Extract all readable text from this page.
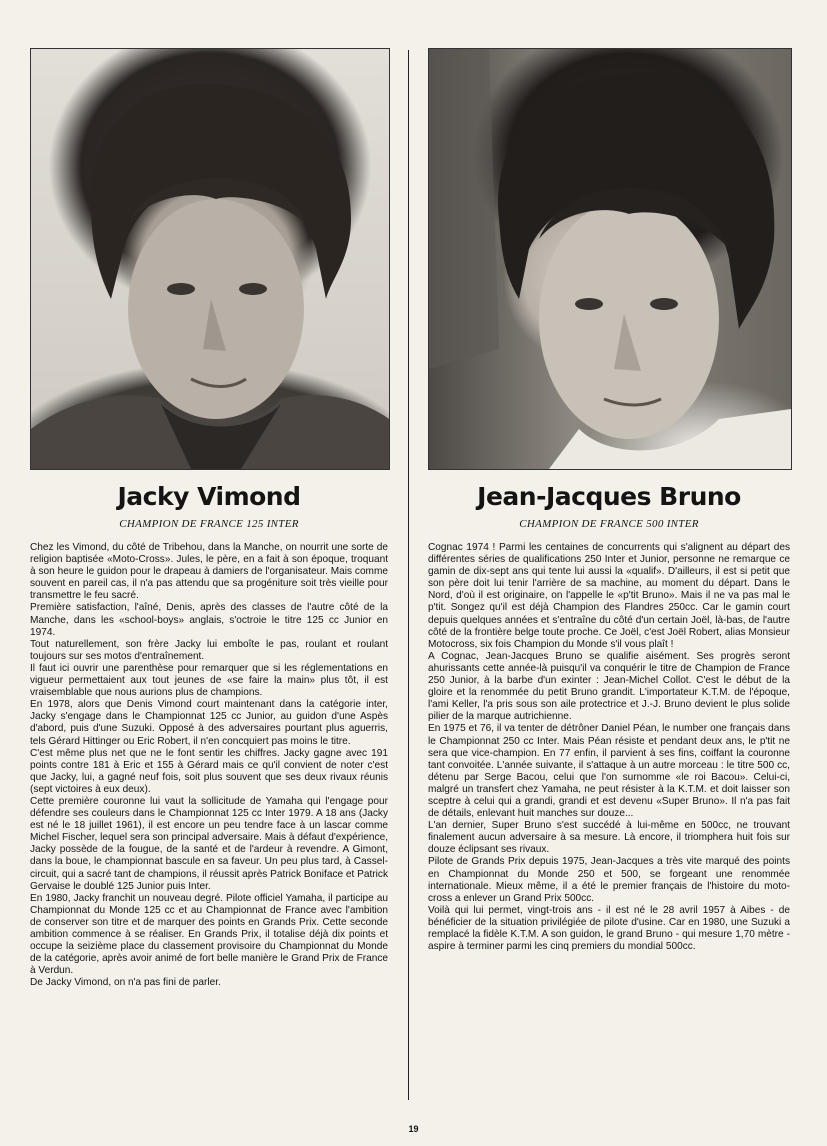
Jacky Vimond
CHAMPION DE FRANCE 125 INTER

Chez les Vimond, du côté de Tribehou, dans la Manche, on nourrit une sorte de religion baptisée «Moto-Cross». Jules, le père, en a fait à son époque, troquant à son heure le guidon pour le drapeau à damiers de l'organisateur. Mais comme souvent en pareil cas, il n'a pas attendu que sa progéniture soit très vieille pour transmettre le feu sacré.

Première satisfaction, l'aîné, Denis, après des classes de l'autre côté de la Manche, dans les «school-boys» anglais, s'octroie le titre 125 cc Junior en 1974.

Tout naturellement, son frère Jacky lui emboîte le pas, roulant et roulant toujours sur ses motos d'entraînement.

Il faut ici ouvrir une parenthèse pour remarquer que si les réglementations en vigueur permettaient aux tout jeunes de «se faire la main» plus tôt, il est vraisemblable que nous aurions plus de champions.

En 1978, alors que Denis Vimond court maintenant dans la catégorie inter, Jacky s'engage dans le Championnat 125 cc Junior, au guidon d'une Aspès d'abord, puis d'une Suzuki. Opposé à des adversaires pourtant plus aguerris, tels Gérard Hittinger ou Eric Robert, il n'en concquiert pas moins le titre.

C'est même plus net que ne le font sentir les chiffres. Jacky gagne avec 191 points contre 181 à Eric et 155 à Gérard mais ce qu'il convient de noter c'est que Jacky, lui, a gagné neuf fois, soit plus souvent que ses deux rivaux réunis (sept victoires à eux deux).

Cette première couronne lui vaut la sollicitude de Yamaha qui l'engage pour défendre ses couleurs dans le Championnat 125 cc Inter 1979. A 18 ans (Jacky est né le 18 juillet 1961), il est encore un peu tendre face à un lascar comme Michel Fischer, lequel sera son principal adversaire. Mais à défaut d'expérience, Jacky possède de la fougue, de la santé et de l'ardeur à revendre. A Gimont, dans la boue, le championnat bascule en sa faveur. Un peu plus tard, à Cassel-circuit, qui a sacré tant de champions, il réussit après Patrick Boniface et Patrick Gervaise le doublé 125 Junior puis Inter.

En 1980, Jacky franchit un nouveau degré. Pilote officiel Yamaha, il participe au Championnat du Monde 125 cc et au Championnat de France avec l'ambition de conserver son titre et de marquer des points en Grands Prix. Cette seconde ambition commence à se réaliser. En Grands Prix, il totalise déjà dix points et occupe la seizième place du classement provisoire du Championnat du Monde de la catégorie, après avoir animé de fort belle manière le Grand Prix de France à Verdun.

De Jacky Vimond, on n'a pas fini de parler.

Jean-Jacques Bruno
CHAMPION DE FRANCE 500 INTER

Cognac 1974 ! Parmi les centaines de concurrents qui s'alignent au départ des différentes séries de qualifications 250 Inter et Junior, personne ne remarque ce gamin de dix-sept ans qui tente lui aussi la «qualif». D'ailleurs, il est si petit que son père doit lui tenir l'arrière de sa machine, au moment du départ. Dans le Nord, d'où il est originaire, on l'appelle le «p'tit Bruno». Mais il ne va pas mal le p'tit. Songez qu'il est déjà Champion des Flandres 250cc. Car le gamin court depuis quelques années et s'entraîne du côté d'un certain Joël, là-bas, de l'autre côté de la frontière belge toute proche. Ce Joël, c'est Joël Robert, alias Monsieur Motocross, six fois Champion du Monde s'il vous plaît !

A Cognac, Jean-Jacques Bruno se qualifie aisément. Ses progrès seront ahurissants cette année-là puisqu'il va conquérir le titre de Champion de France 250 Junior, à la barbe d'un exinter : Jean-Michel Collot. C'est le début de la gloire et la renommée du petit Bruno grandit. L'importateur K.T.M. de l'époque, l'ami Keller, l'a pris sous son aile protectrice et J.-J. Bruno devient le plus solide pilier de la marque autrichienne.

En 1975 et 76, il va tenter de détrôner Daniel Péan, le number one français dans le Championnat 250 cc Inter. Mais Péan résiste et pendant deux ans, le p'tit ne sera que vice-champion. En 77 enfin, il parvient à ses fins, coiffant la couronne tant convoitée. L'année suivante, il s'attaque à un autre morceau : le titre 500 cc, détenu par Serge Bacou, celui que l'on surnomme «le roi Bacou». Celui-ci, malgré un transfert chez Yamaha, ne peut résister à la K.T.M. et doit laisser son sceptre à celui qui a grandi, grandi et est devenu «Super Bruno». Il n'a pas fait de détails, enlevant huit manches sur douze...

L'an dernier, Super Bruno s'est succédé à lui-même en 500cc, ne trouvant finalement aucun adversaire à sa mesure. Là encore, il triomphera huit fois sur douze éclipsant ses rivaux.

Pilote de Grands Prix depuis 1975, Jean-Jacques a très vite marqué des points en Championnat du Monde 250 et 500, se forgeant une renommée internationale. Mieux même, il a été le premier français de l'histoire du moto-cross a enlever un Grand Prix 500cc.

Voilà qui lui permet, vingt-trois ans - il est né le 28 avril 1957 à Aibes - de bénéficier de la situation privilégiée de pilote d'usine. Car en 1980, une Suzuki a remplacé la fidèle K.T.M. A son guidon, le grand Bruno - qui mesure 1,70 mètre - aspire à terminer parmi les cinq premiers du mondial 500cc.

19
